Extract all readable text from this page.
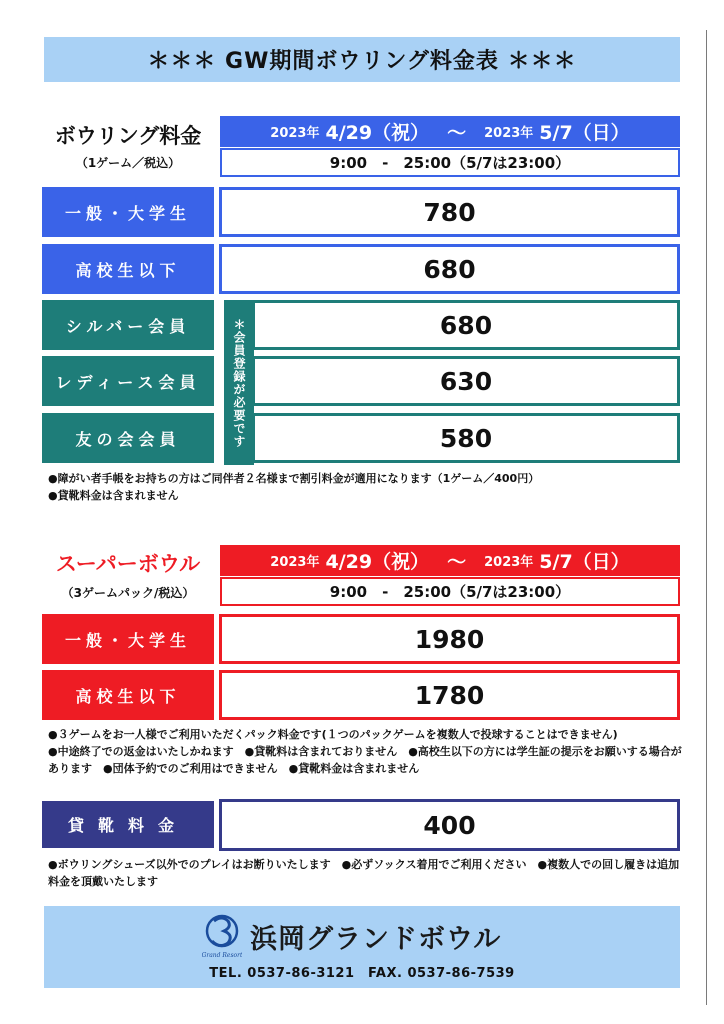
＊＊＊ GW期間ボウリング料金表 ＊＊＊
ボウリング料金
（1ゲーム／税込）
2023年 4/29（祝） ～ 2023年 5/7（日）
9:00　-　25:00（5/7は23:00）
一般・大学生	780
高校生以下	680
シルバー会員	680
レディース会員	630
友の会会員	580
＊会員登録が必要です
●障がい者手帳をお持ちの方はご同伴者２名様まで割引料金が適用になります（1ゲーム／400円）
●貸靴料金は含まれません
スーパーボウル
（3ゲームパック/税込）
2023年 4/29（祝） ～ 2023年 5/7（日）
9:00　-　25:00（5/7は23:00）
一般・大学生	1980
高校生以下	1780
●３ゲームをお一人様でご利用いただくパック料金です(１つのパックゲームを複数人で投球することはできません)
●中途終了での返金はいたしかねます　●貸靴料は含まれておりません　●高校生以下の方には学生証の提示をお願いする場合があります　●団体予約でのご利用はできません　●貸靴料金は含まれません
貸靴料金	400
●ボウリングシューズ以外でのプレイはお断りいたします　●必ずソックス着用でご利用ください　●複数人での回し履きは追加料金を頂戴いたします
Grand Resort
浜岡グランドボウル
TEL. 0537-86-3121　FAX. 0537-86-7539
